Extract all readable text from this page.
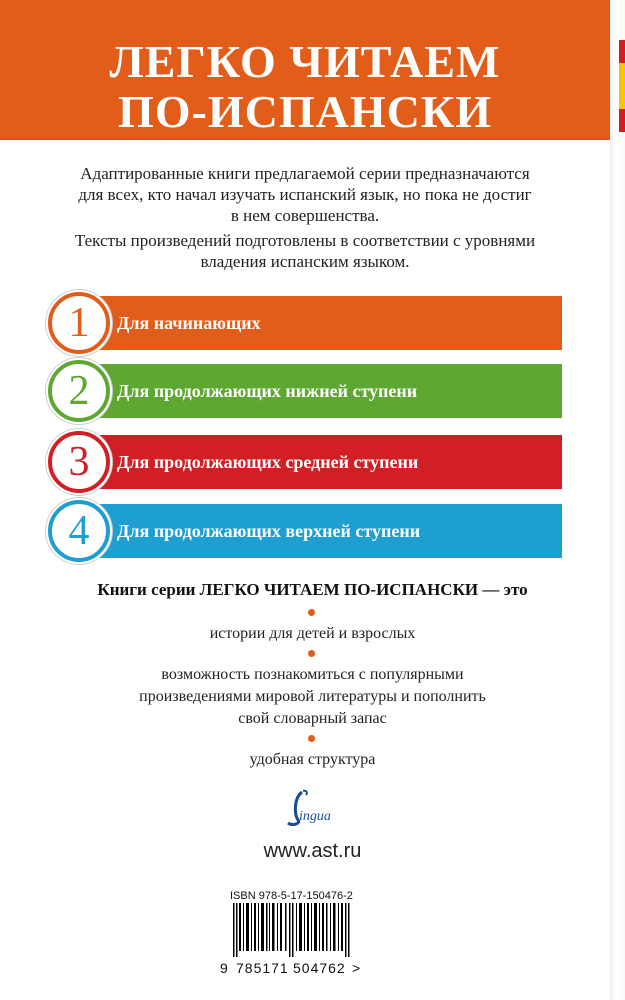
ЛЕГКО ЧИТАЕМ
ПО-ИСПАНСКИ
Адаптированные книги предлагаемой серии предназначаются
для всех, кто начал изучать испанский язык, но пока не достиг
в нем совершенства.
Тексты произведений подготовлены в соответствии с уровнями
владения испанским языком.
Для начинающих
1
Для продолжающих нижней ступени
2
Для продолжающих средней ступени
3
Для продолжающих верхней ступени
4
Книги серии ЛЕГКО ЧИТАЕМ ПО-ИСПАНСКИ — это
истории для детей и взрослых
возможность познакомиться с популярными
произведениями мировой литературы и пополнить
свой словарный запас
удобная структура
ingua
www.ast.ru
ISBN 978-5-17-150476-2
9 785171 504762 >
